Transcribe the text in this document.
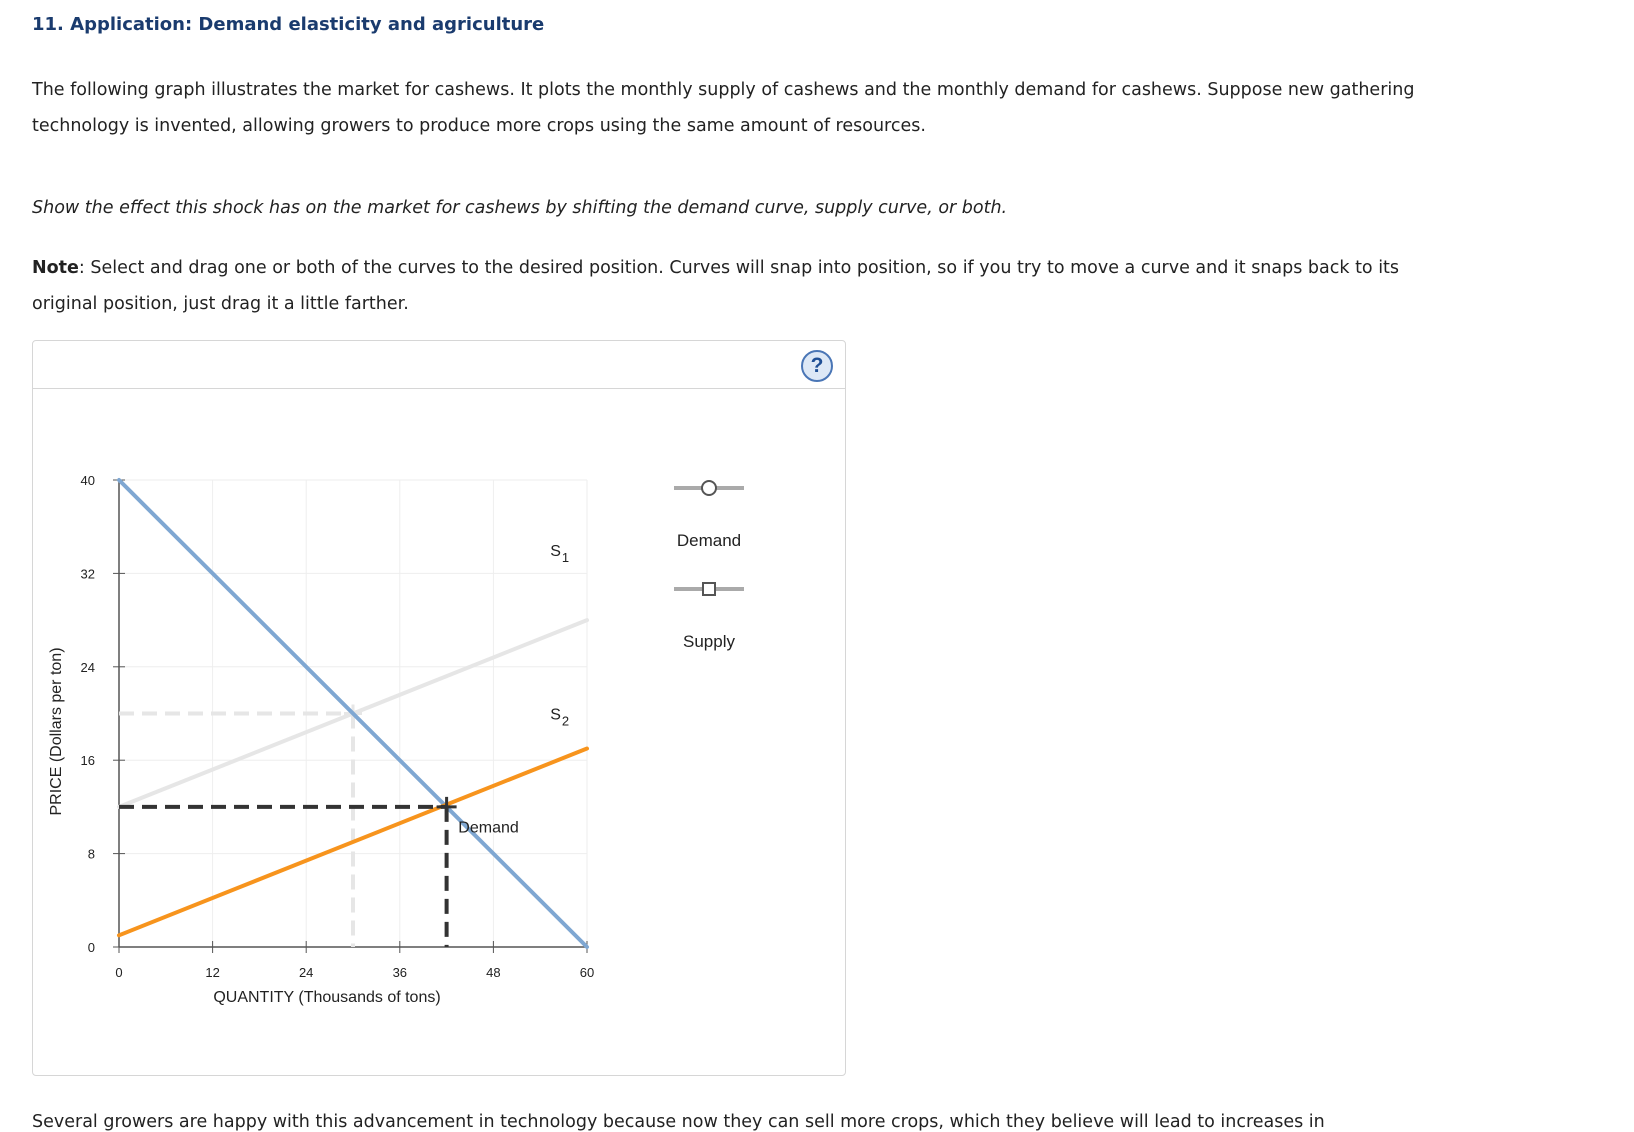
11. Application: Demand elasticity and agriculture

The following graph illustrates the market for cashews. It plots the monthly supply of cashews and the monthly demand for cashews. Suppose new gathering technology is invented, allowing growers to produce more crops using the same amount of resources.

Show the effect this shock has on the market for cashews by shifting the demand curve, supply curve, or both.

Note: Select and drag one or both of the curves to the desired position. Curves will snap into position, so if you try to move a curve and it snaps back to its original position, just drag it a little farther.

?
0
8
16
24
32
40
0	12	24	36	48	60
QUANTITY (Thousands of tons)
PRICE (Dollars per ton)
$S_1$
Demand
$S_2$
Demand
Supply

Several growers are happy with this advancement in technology because now they can sell more crops, which they believe will lead to increases in
